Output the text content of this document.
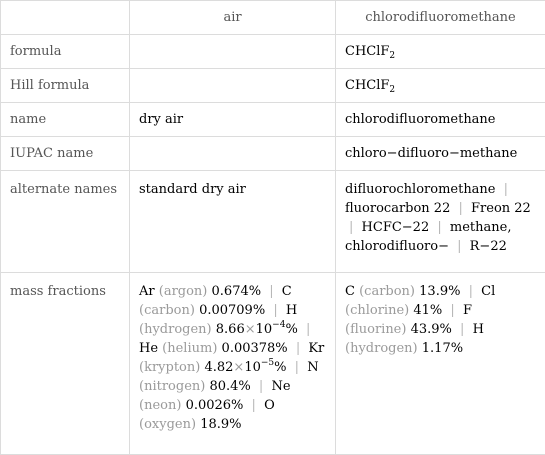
	air	chlorodifluoromethane
formula		CHClF$_2$
Hill formula		CHClF$_2$
name	dry air	chlorodifluoromethane
IUPAC name		chloro−difluoro−methane
alternate names	standard dry air	difluorochloromethane | fluorocarbon 22 | Freon 22 | HCFC−22 | methane, chlorodifluoro− | R−22
mass fractions	Ar (argon) 0.674% | C (carbon) 0.00709% | H (hydrogen) $8.66\times 10^{-4}\%$ | He (helium) 0.00378% | Kr (krypton) $4.82\times 10^{-5}\%$ | N (nitrogen) 80.4% | Ne (neon) 0.0026% | O (oxygen) 18.9%	C (carbon) 13.9% | Cl (chlorine) 41% | F (fluorine) 43.9% | H (hydrogen) 1.17%
